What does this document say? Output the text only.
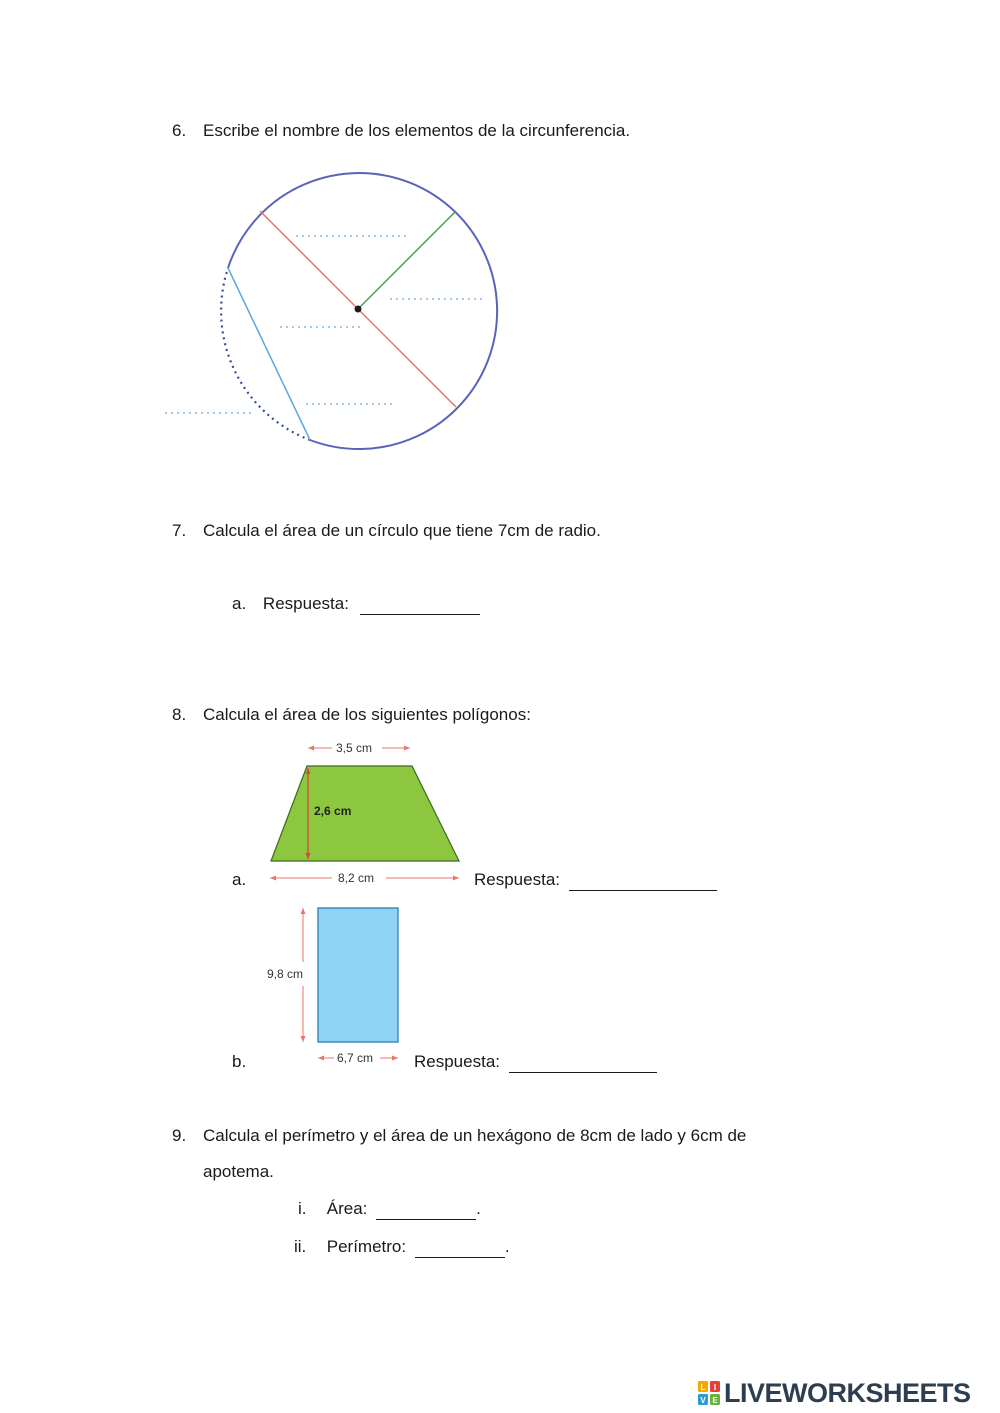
6. Escribe el nombre de los elementos de la circunferencia.
7. Calcula el área de un círculo que tiene 7cm de radio.
a. Respuesta:
8. Calcula el área de los siguientes polígonos:
3,5 cm
2,6 cm
8,2 cm
a.	Respuesta:
9,8 cm
6,7 cm
b.	Respuesta:
9. Calcula el perímetro y el área de un hexágono de 8cm de lado y 6cm de
apotema.
i. Área:	.
ii. Perímetro:	.
L I
V E LIVEWORKSHEETS
